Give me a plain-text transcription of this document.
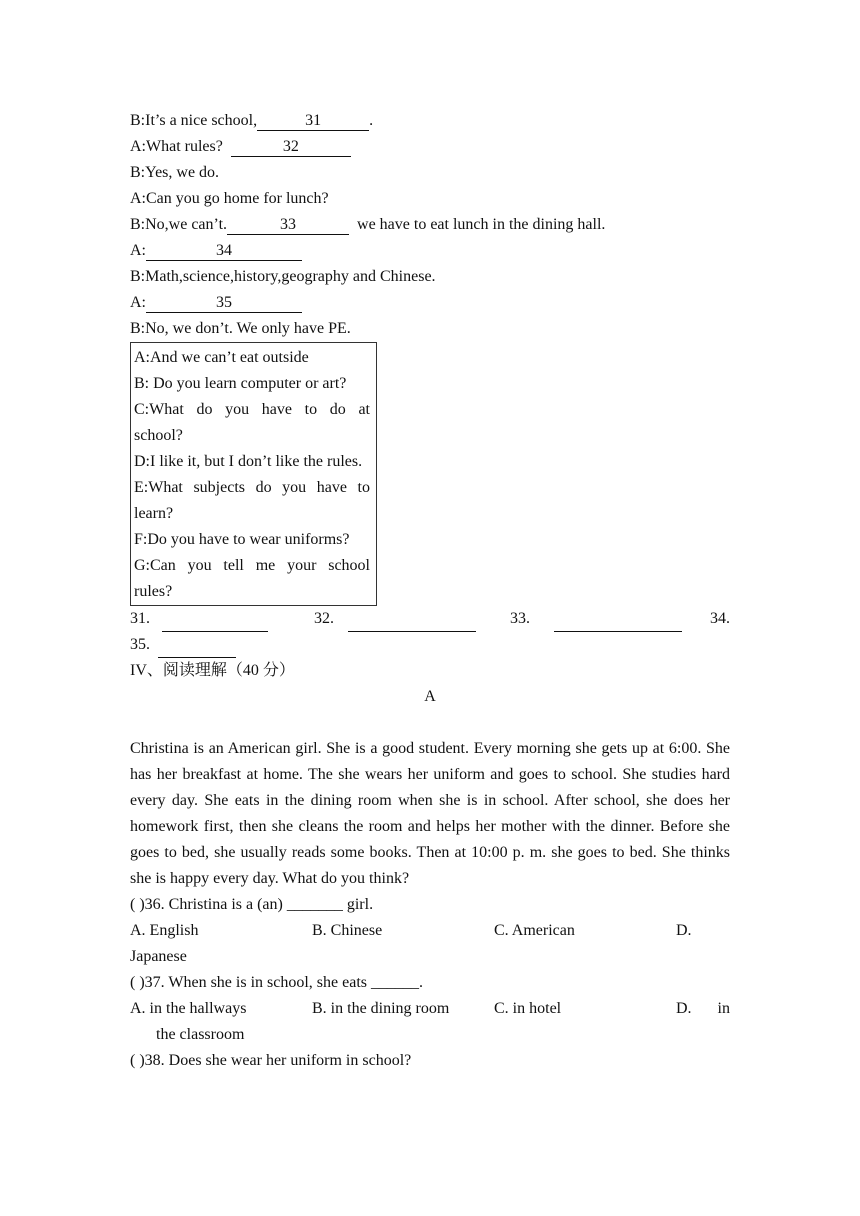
B:It’s a nice school,	31	.
A:What rules?	32
B:Yes, we do.
A:Can you go home for lunch?
B:No,we can’t.	33	we have to eat lunch in the dining hall.
A:	34
B:Math,science,history,geography and Chinese.
A:	35
B:No, we don’t. We only have PE.
A:And we can’t eat outside
B: Do you learn computer or art?
C:What do you have to do at school?
D:I like it, but I don’t like the rules.
E:What subjects do you have to learn?
F:Do you have to wear uniforms?
G:Can you tell me your school rules?
31.	32.	33.	34.
35.
IV、阅读理解（40 分）
A
Christina is an American girl. She is a good student. Every morning she gets up at 6:00. She has her breakfast at home. The she wears her uniform and goes to school. She studies hard every day. She eats in the dining room when she is in school. After school, she does her homework first, then she cleans the room and helps her mother with the dinner. Before she goes to bed, she usually reads some books. Then at 10:00 p. m. she goes to bed. She thinks she is happy every day. What do you think?
( )36. Christina is a (an) _______ girl.
A. English	B. Chinese	C. American	D.
Japanese
( )37. When she is in school, she eats ______.
A. in the hallways	B. in the dining room	C. in hotel	D.	in
the classroom
( )38. Does she wear her uniform in school?
